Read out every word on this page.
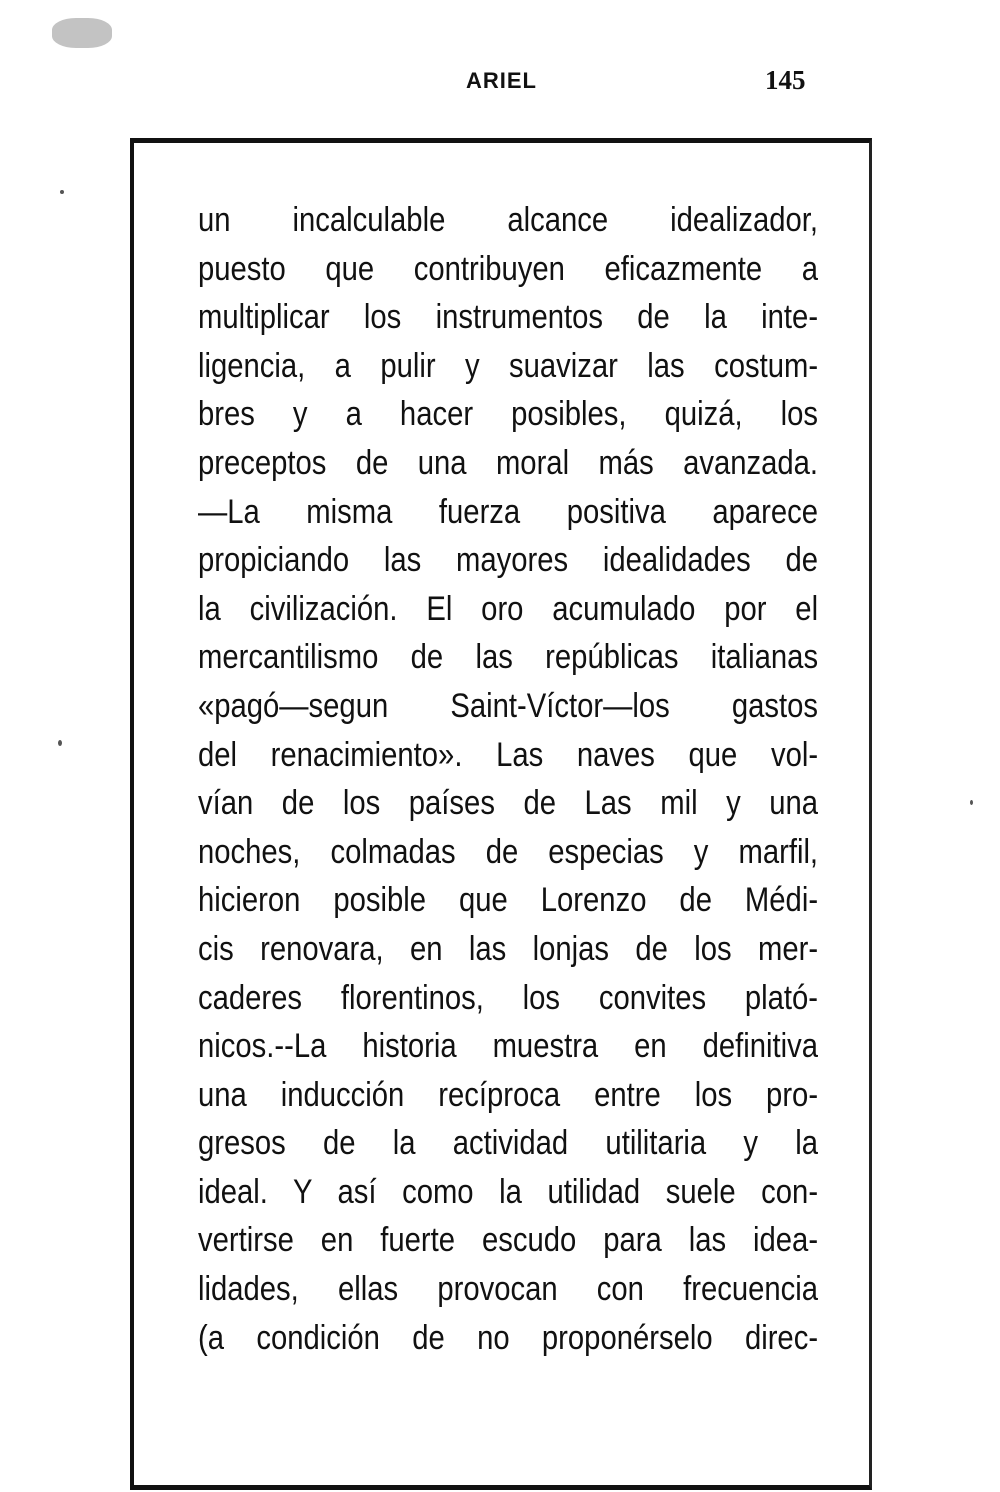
ARIEL	145
un incalculable alcance idealizador,
puesto que contribuyen eficazmente a
multiplicar los instrumentos de la inte-
ligencia, a pulir y suavizar las costum-
bres y a hacer posibles, quizá, los
preceptos de una moral más avanzada.
—La misma fuerza positiva aparece
propiciando las mayores idealidades de
la civilización. El oro acumulado por el
mercantilismo de las repúblicas italianas
«pagó—segun Saint-Víctor—los gastos
del renacimiento». Las naves que vol-
vían de los países de Las mil y una
noches, colmadas de especias y marfil,
hicieron posible que Lorenzo de Médi-
cis renovara, en las lonjas de los mer-
caderes florentinos, los convites plató-
nicos.--La historia muestra en definitiva
una inducción recíproca entre los pro-
gresos de la actividad utilitaria y la
ideal. Y así como la utilidad suele con-
vertirse en fuerte escudo para las idea-
lidades, ellas provocan con frecuencia
(a condición de no proponérselo direc-
